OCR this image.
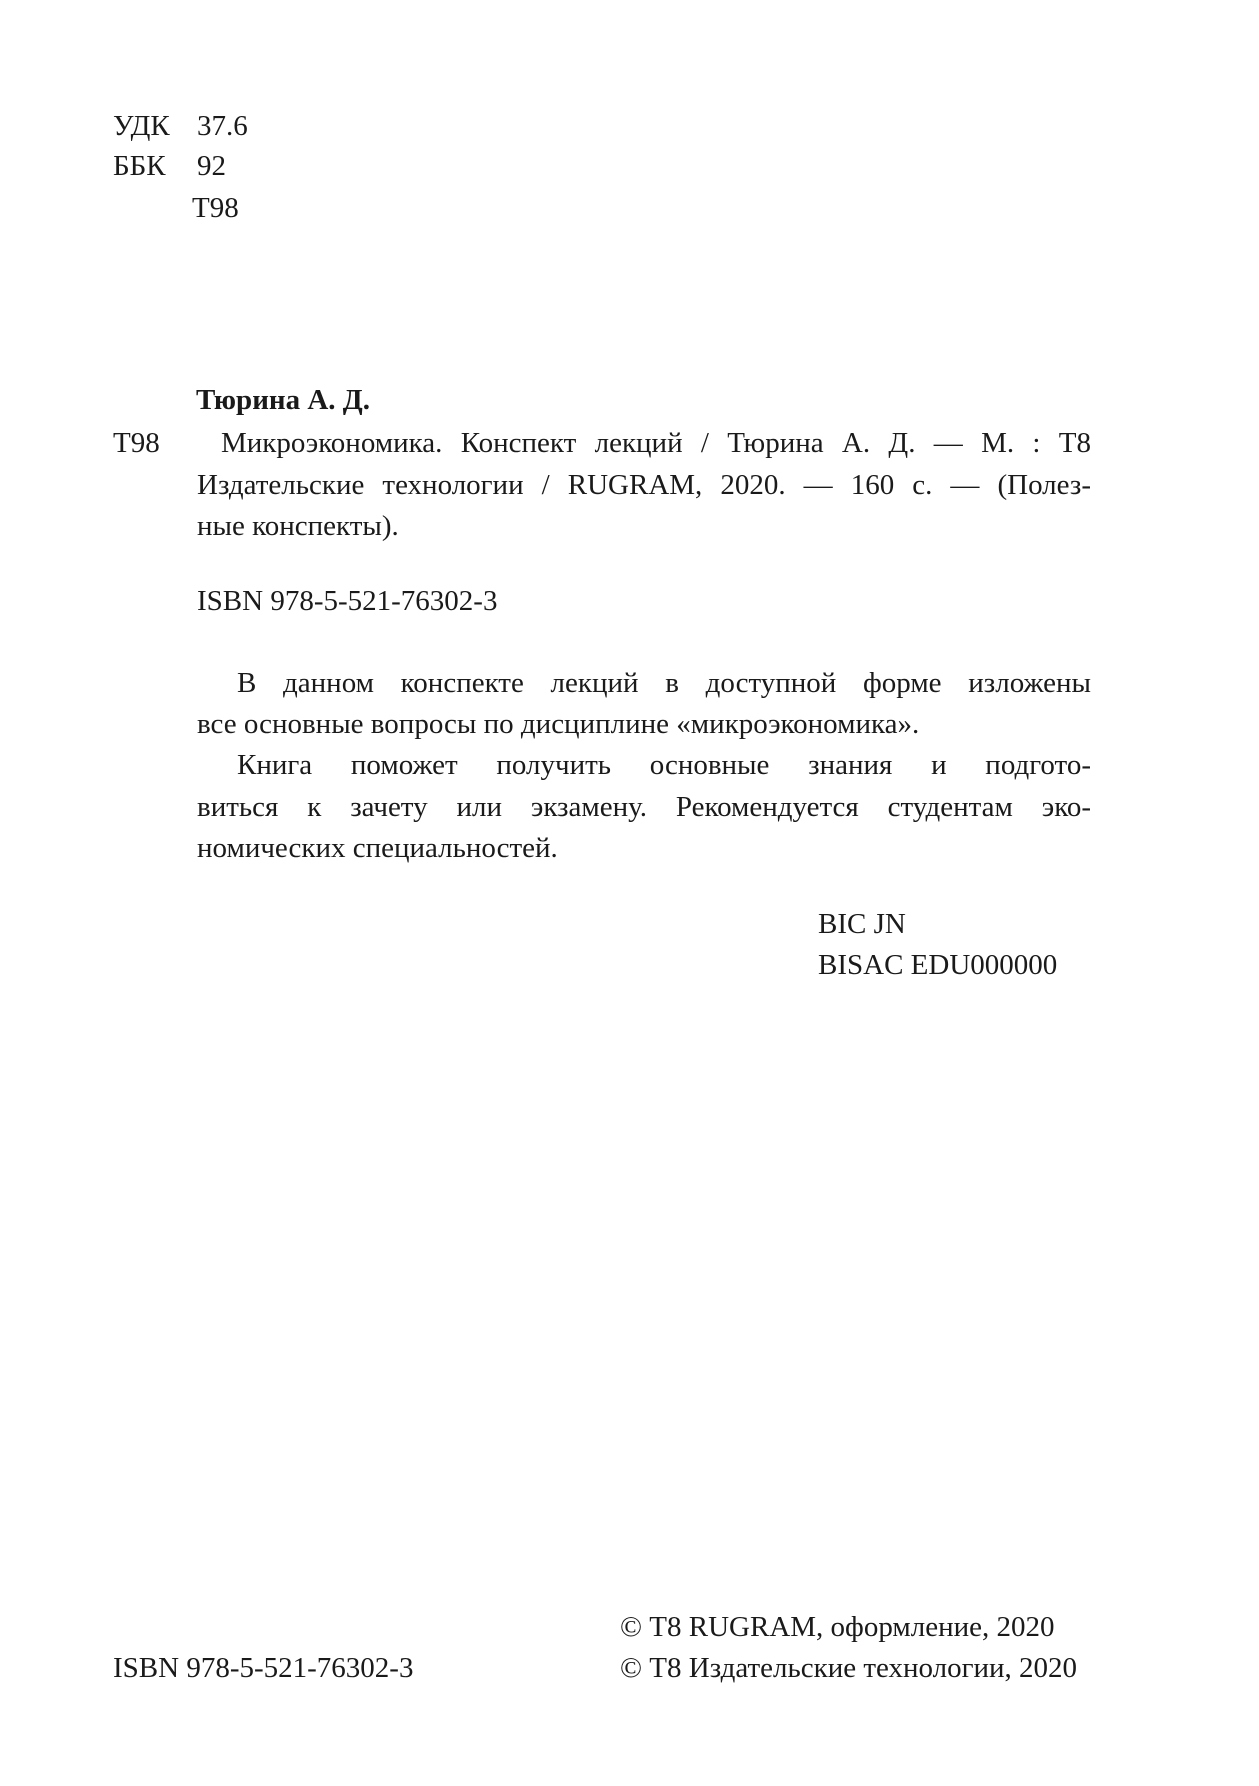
УДК 37.6
ББК 92
Т98
Тюрина А. Д.
Т98 Микроэкономика. Конспект лекций / Тюрина А. Д. — М. : Т8
Издательские технологии / RUGRAM, 2020. — 160 с. — (Полез-
ные конспекты).
ISBN 978-5-521-76302-3
В данном конспекте лекций в доступной форме изложены
все основные вопросы по дисциплине «микроэкономика».
Книга поможет получить основные знания и подгото-
виться к зачету или экзамену. Рекомендуется студентам эко-
номических специальностей.
BIC JN
BISAC EDU000000
© Т8 RUGRAM, оформление, 2020
ISBN 978-5-521-76302-3	© Т8 Издательские технологии, 2020
